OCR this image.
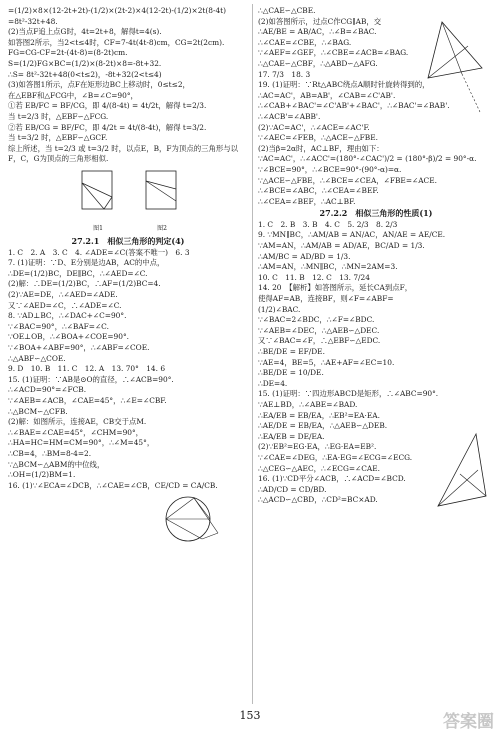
=(1/2)×8×(12-2t+2t)-(1/2)×(2t-2)×4(12-2t)-(1/2)×2t(8-4t)
=8t²-32t+48.
(2)当点F追上点G时，4t=2t+8，解得t=4(s).
如答图2所示，当2<t≤4时，CF=7-4t(4t-8)cm，CG=2t(2cm).
FG=CG-CF=2t-(4t-8)=(8-2t)cm.
S=(1/2)FG×BC=(1/2)×(8-2t)×8=-8t+32.
∴S= 8t²-32t+48(0<t≤2)，-8t+32(2<t≤4)
(3)如答图1所示，点F在矩形边BC上移动时，0≤t≤2，
在△EBF和△FCG中，∠B=∠C=90°，
①若 EB/FC = BF/CG，即 4/(8-4t) = 4t/2t，解得 t=2/3.
当 t=2/3 时，△EBF∽△FCG.
②若 EB/CG = BF/FC，即 4/2t = 4t/(8-4t)，解得 t=3/2.
当 t=3/2 时，△EBF∽△GCF.
综上所述，当 t=2/3 或 t=3/2 时，以点E，B，F为顶点的三角形与以
F，C，G为顶点的三角形相似.
图1	图2
27.2.1　相似三角形的判定(4)
1. C　2. A　3. C　4. ∠ADE=∠C(答案不唯一)　6. 3
7. (1)证明：∵D、E分别是边AB，AC的中点，
∴DE=(1/2)BC，DE∥BC，∴∠AED=∠C.
(2)解：∴DE=(1/2)BC，∴AF=(1/2)BC=4.
(2)∵AE=DE，∴∠AED=∠ADE.
又∵∠AED=∠C，∴∠ADE=∠C.
8. ∵AD⊥BC，∴∠DAC+∠C=90°.
∵∠BAC=90°，∴∠BAF=∠C.
∵OE⊥OB，∴∠BOA+∠COE=90°.
∵∠BOA+∠ABF=90°，∴∠ABF=∠COE.
∴△ABF∽△COE.
9. D　10. B　11. C　12. A　13. 70°　14. 6
15. (1)证明：∵AB是⊙O的直径，∴∠ACB=90°.
∴∠ACD=90°=∠FCB.
∵∠AEB=∠ACB，∠CAE=45°，∴∠E=∠CBF.
∴△BCM∽△CFB.
(2)解：如图所示，连接AE，CB交于点M.
∴∠BAE=∠CAE=45°，∠CHM=90°，
∴HA=HC=HM=CM=90°，∴∠M=45°，
∴CB=4，∴BM=8-4=2.
∵△BCM∽△ABM的中位线，
∴OH=(1/2)BM=1.
16. (1)∵∠ECA=∠DCB，∴∠CAE=∠CB，CE/CD = CA/CB.
∴△CAE∽△CBE.
(2)如答图所示，过点C作CG∥AB，交
∴AE/BE = AB/AC，∴∠B=∠BAC.
∴∠CAE=∠CBE，∴∠BAG.
∵∠AEF=∠GEF，∴∠CBE=∠ACB=∠BAG.
∴△CAE∽△CBF，∴△ABD∽△AFG.
17. 7/3　18. 3
19. (1)证明：∵Rt△ABC绕点A顺时针旋转得到的，
∴AC=AC'，AB=AB'，∠CAB=∠C'AB'.
∴∠CAB+∠BAC'=∠C'AB'+∠BAC'，∴∠BAC'=∠BAB'.
∴∠ACB'=∠ABB'.
(2)∵AC=AC'，∴∠ACE=∠AC'F.
∵∠AEC=∠FEB，∴△ACE∽△FBE.
(2)当β=2α时，AC⊥BF，理由如下：
∵AC=AC'，∴∠ACC'=(180°-∠CAC')/2 = (180°-β)/2 = 90°-α.
∵∠BCE=90°，∴∠BCE=90°-(90°-α)=α.
∵△ACE∽△FBE，∴∠BCE=∠CEA，∠FBE=∠ACE.
∴∠BCE=∠ABC，∴∠CEA=∠BEF.
∴∠CEA=∠BEF，∴AC⊥BF.
27.2.2　相似三角形的性质(1)
1. C　2. B　3. B　4. C　5. 2/3　8. 2/3
9. ∵MN∥BC，∴AM/AB = AN/AC，AN/AE = AE/CE.
∵AM=AN，∴AM/AB = AD/AE，BC/AD = 1/3.
∴AM/BC = AD/BD = 1/3.
∴AM=AN，∴MN∥BC，∴MN=2AM=3.
10. C　11. B　12. C　13. 7/24
14. 20　【解析】如答图所示，延长CA到点F，
使得AF=AB，连接BF，则∠F=∠ABF=
(1/2)∠BAC.
∵∠BAC=2∠BDC，∴∠F=∠BDC.
∵∠AEB=∠DEC，∴△AEB∽△DEC.
又∵∠BAC=∠F，∴△EBF∽△EDC.
∴BE/DE = EF/DE.
∵AE=4，BE=5，∴AE+AF=∠EC=10.
∴BE/DE = 10/DE.
∴DE=4.
15. (1)证明：∵四边形ABCD是矩形，∴∠ABC=90°.
∵AE⊥BD，∴∠ABE=∠BAD.
∴EA/EB = EB/EA，∴EB²=EA·EA.
∴AE/DE = EB/EA，∴△AEB∽△DEB.
∴EA/EB = DE/EA.
(2)∵EB²=EG·EA，∴EG·EA=EB².
∵∠CAE=∠DEG，∴EA·EG=∠ECG=∠ECG.
∴△CEG∽△AEC，∴∠ECG=∠CAE.
16. (1)∵CD平分∠ACB，∴∠ACD=∠BCD.
∴AD/CD = CD/BD.
∴△ACD∽△CBD，∴CD²=BC×AD.
153	答案圈
